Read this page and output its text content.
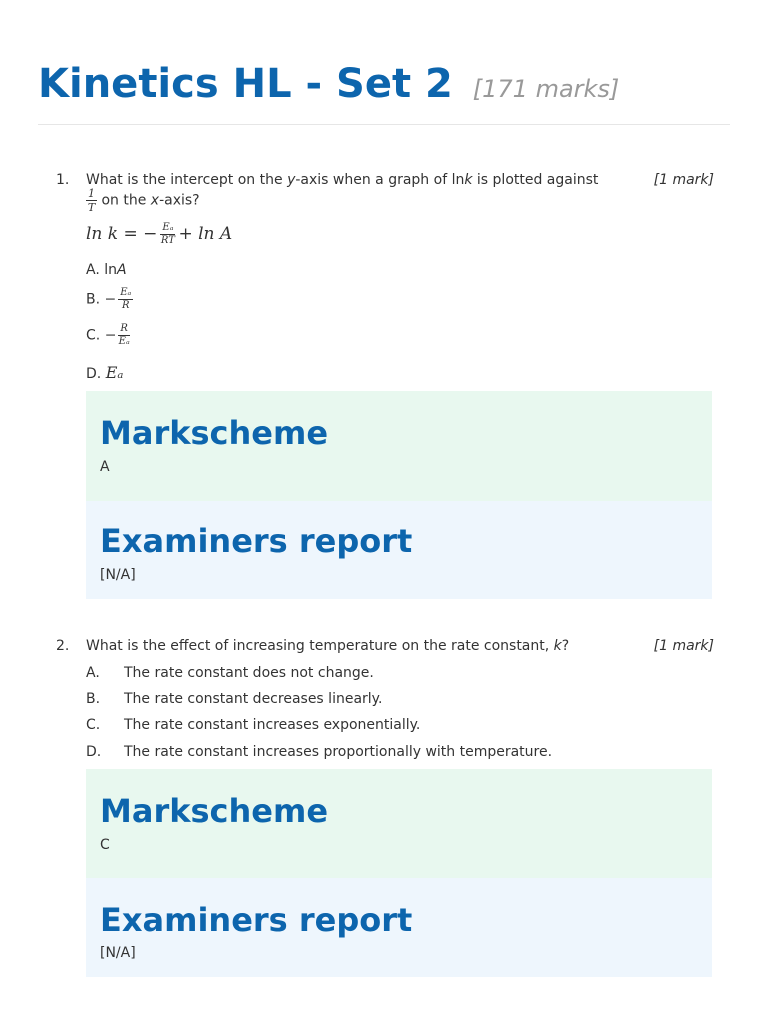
Kinetics HL - Set 2 [171 marks]
1. What is the intercept on the y-axis when a graph of lnk is plotted against	[1 mark]
$\frac{1}{T}$ on the x-axis?
ln k = − $\frac{\text{Eₐ}}{RT} + \ln A$
A. lnA
B. − $\frac{\text{Eₐ}}{R}$
C. − $\frac{R}{\text{Eₐ}}$
D. Eₐ
Markscheme
A
Examiners report
[N/A]
2. What is the effect of increasing temperature on the rate constant, k?	[1 mark]
A. The rate constant does not change.
B. The rate constant decreases linearly.
C. The rate constant increases exponentially.
D. The rate constant increases proportionally with temperature.
Markscheme
C
Examiners report
[N/A]
